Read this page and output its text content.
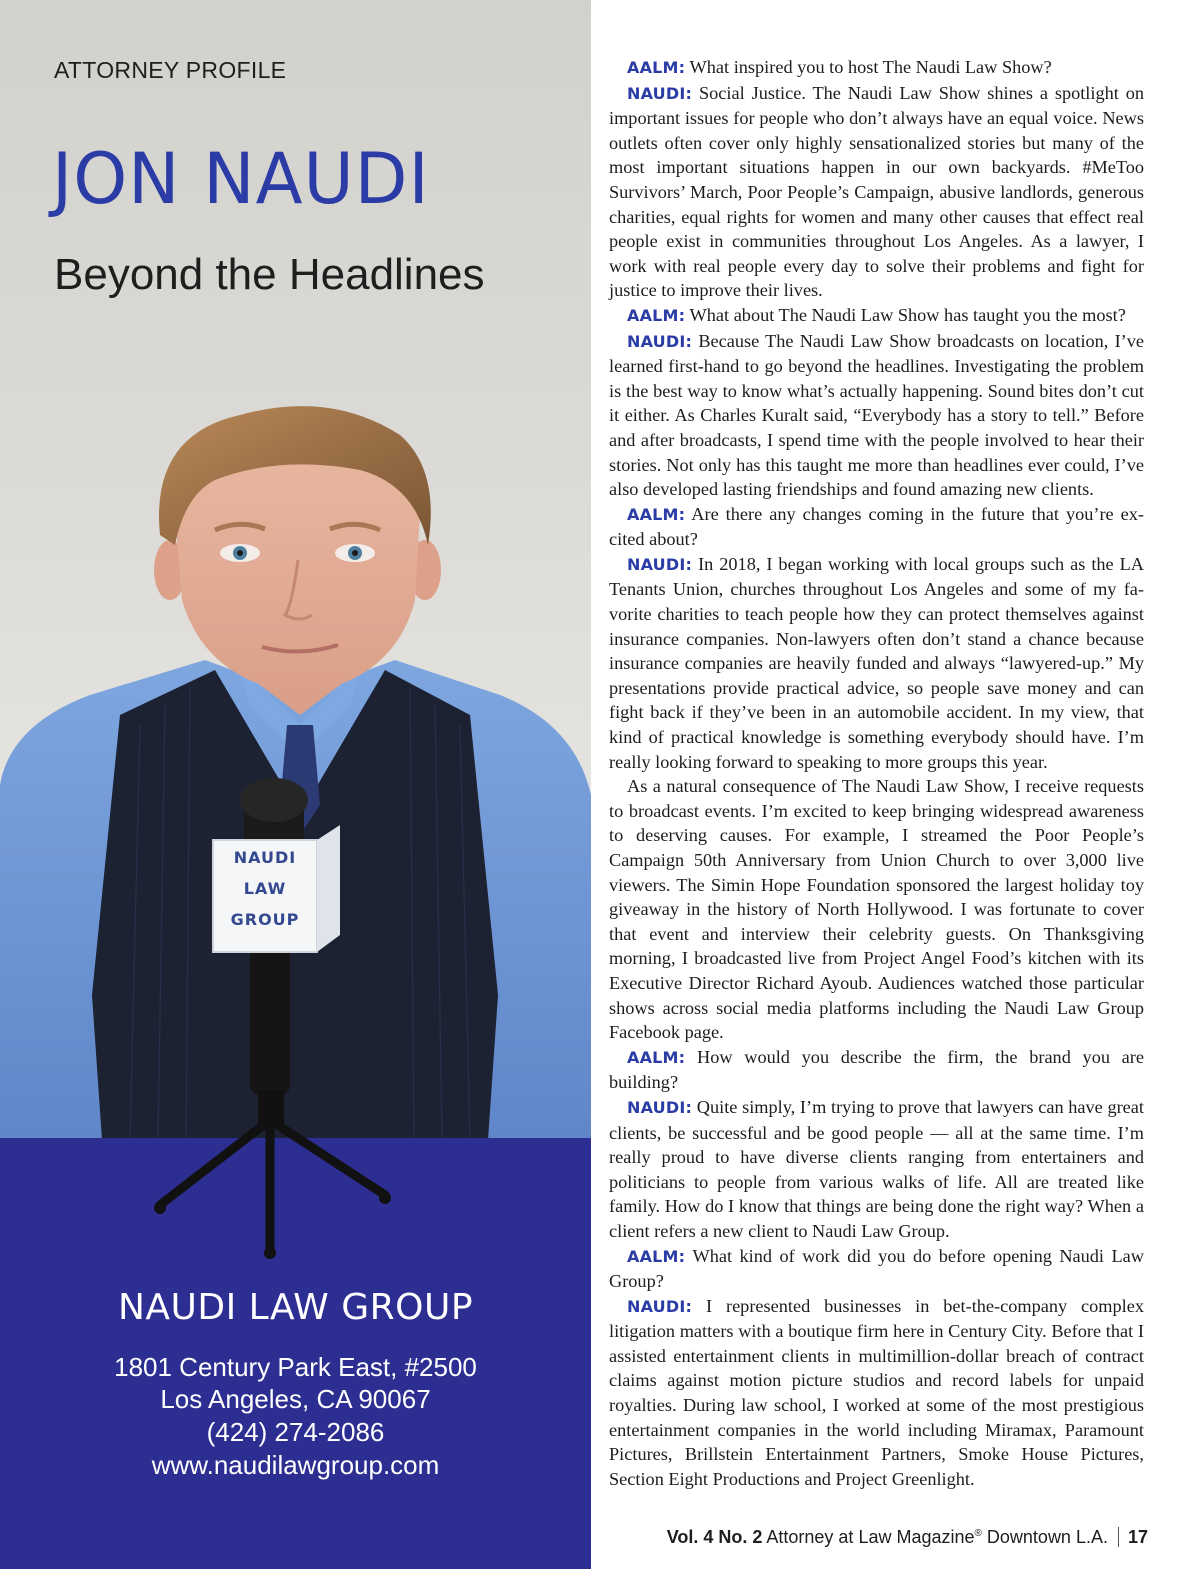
ATTORNEY PROFILE
JON NAUDI
Beyond the Headlines
NAUDI
LAW
GROUP
NAUDI LAW GROUP
1801 Century Park East, #2500
Los Angeles, CA 90067
(424) 274-2086
www.naudilawgroup.com

AALM: What inspired you to host The Naudi Law Show?

NAUDI: Social Justice. The Naudi Law Show shines a spotlight on important issues for people who don’t always have an equal voice. News outlets often cover only highly sensationalized stories but many of the most important situations happen in our own backyards. #MeToo Survivors’ March, Poor People’s Campaign, abusive landlords, generous charities, equal rights for women and many other causes that effect real people exist in communities throughout Los Angeles. As a lawyer, I work with real people every day to solve their problems and fight for justice to improve their lives.

AALM: What about The Naudi Law Show has taught you the most?

NAUDI: Because The Naudi Law Show broadcasts on location, I’ve learned first-hand to go beyond the headlines. Investigating the problem is the best way to know what’s actually happening. Sound bites don’t cut it either. As Charles Kuralt said, “Everybody has a story to tell.” Before and after broadcasts, I spend time with the people involved to hear their stories. Not only has this taught me more than headlines ever could, I’ve also developed lasting friendships and found amazing new clients.

AALM: Are there any changes coming in the future that you’re excited about?

NAUDI: In 2018, I began working with local groups such as the LA Tenants Union, churches throughout Los Angeles and some of my favorite charities to teach people how they can protect themselves against insurance companies. Non-lawyers often don’t stand a chance because insurance companies are heavily funded and always “lawyered-up.” My presentations provide practical advice, so people save money and can fight back if they’ve been in an automobile accident. In my view, that kind of practical knowledge is something everybody should have. I’m really looking forward to speaking to more groups this year.

As a natural consequence of The Naudi Law Show, I receive requests to broadcast events. I’m excited to keep bringing widespread awareness to deserving causes. For example, I streamed the Poor People’s Campaign 50th Anniversary from Union Church to over 3,000 live viewers. The Simin Hope Foundation sponsored the largest holiday toy giveaway in the history of North Hollywood. I was fortunate to cover that event and interview their celebrity guests. On Thanksgiving morning, I broadcasted live from Project Angel Food’s kitchen with its Executive Director Richard Ayoub. Audiences watched those particular shows across social media platforms including the Naudi Law Group Facebook page.

AALM: How would you describe the firm, the brand you are building?

NAUDI: Quite simply, I’m trying to prove that lawyers can have great clients, be successful and be good people — all at the same time. I’m really proud to have diverse clients ranging from entertainers and politicians to people from various walks of life. All are treated like family. How do I know that things are being done the right way? When a client refers a new client to Naudi Law Group.

AALM: What kind of work did you do before opening Naudi Law Group?

NAUDI: I represented businesses in bet-the-company complex litigation matters with a boutique firm here in Century City. Before that I assisted entertainment clients in multimillion-dollar breach of contract claims against motion picture studios and record labels for unpaid royalties. During law school, I worked at some of the most prestigious entertainment companies in the world including Miramax, Paramount Pictures, Brillstein Entertainment Partners, Smoke House Pictures, Section Eight Productions and Project Greenlight.

Vol. 4 No. 2 Attorney at Law Magazine® Downtown L.A. 17
